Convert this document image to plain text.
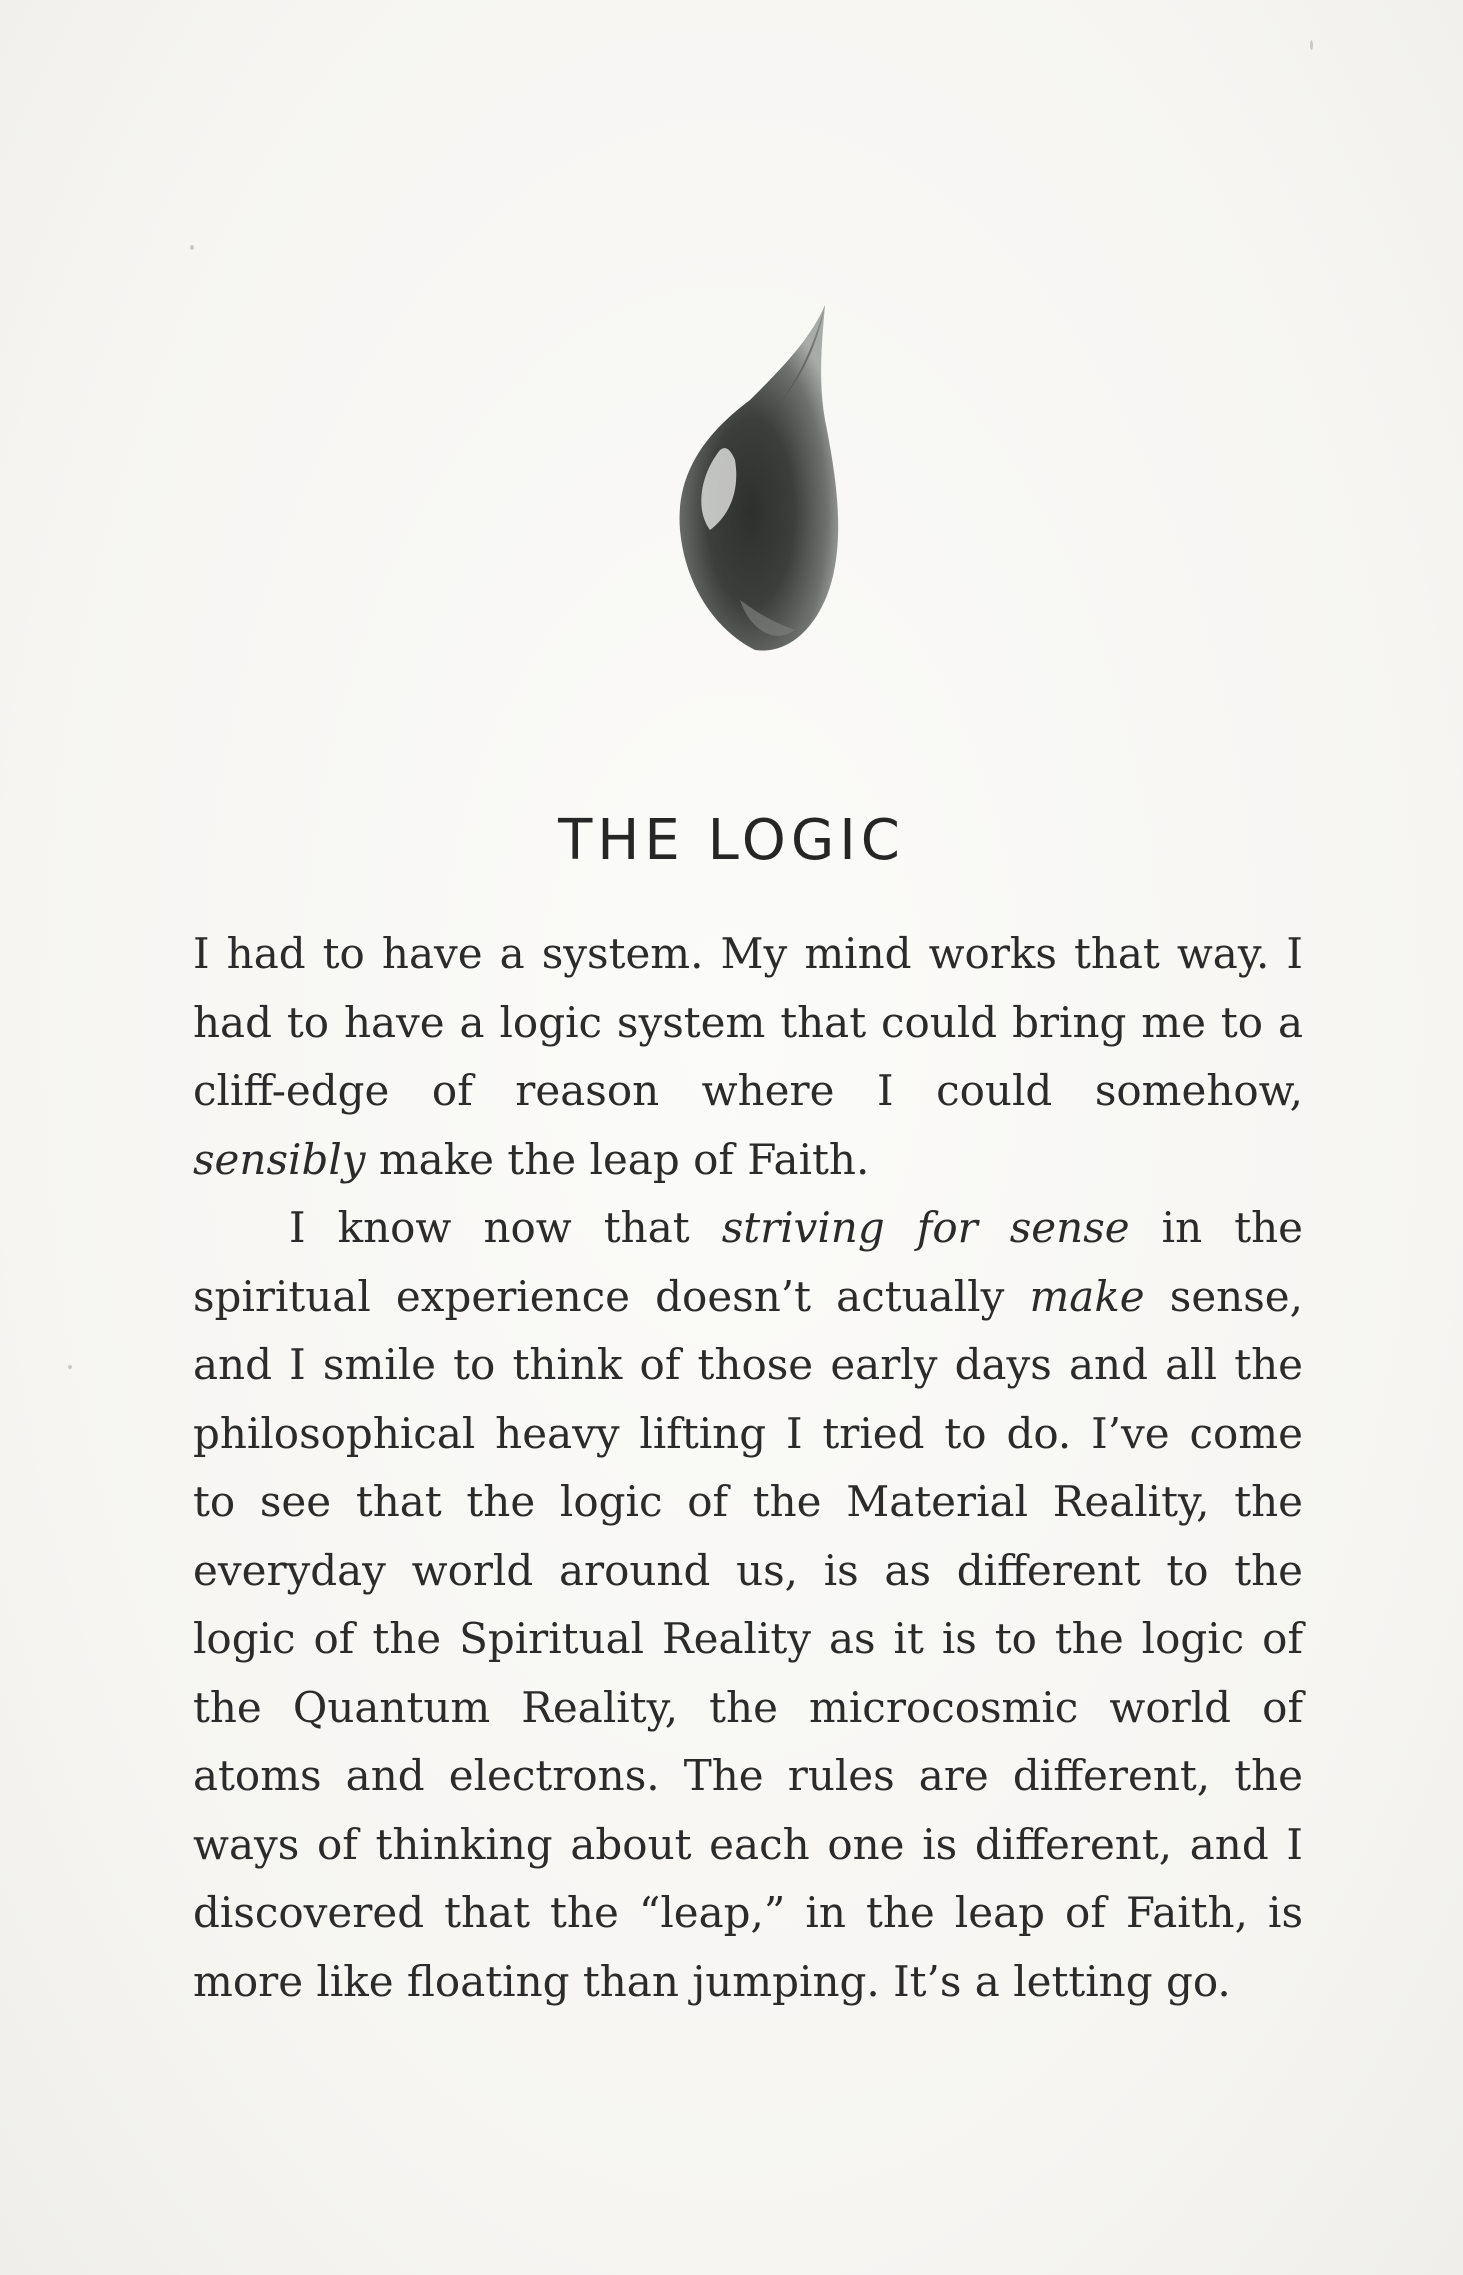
THE LOGIC

I had to have a system. My mind works that way. I had to have a logic system that could bring me to a cliff-edge of reason where I could somehow, sensibly make the leap of Faith.

I know now that striving for sense in the spiritual experience doesn’t actually make sense, and I smile to think of those early days and all the philosophical heavy lifting I tried to do. I’ve come to see that the logic of the Material Reality, the everyday world around us, is as different to the logic of the Spiritual Reality as it is to the logic of the Quantum Reality, the microcosmic world of atoms and electrons. The rules are different, the ways of thinking about each one is different, and I discovered that the “leap,” in the leap of Faith, is more like floating than jumping. It’s a letting go.
